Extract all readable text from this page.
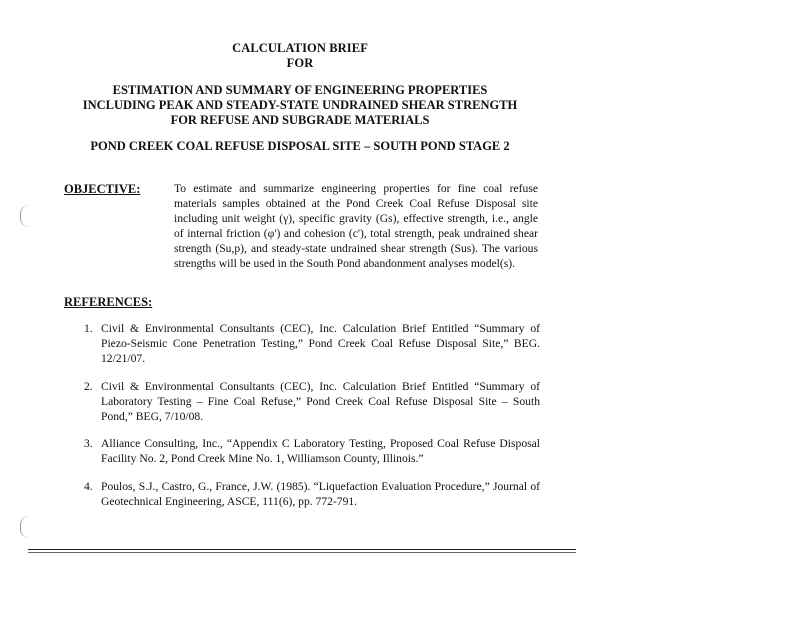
CALCULATION BRIEF
FOR
ESTIMATION AND SUMMARY OF ENGINEERING PROPERTIES
INCLUDING PEAK AND STEADY-STATE UNDRAINED SHEAR STRENGTH
FOR REFUSE AND SUBGRADE MATERIALS
POND CREEK COAL REFUSE DISPOSAL SITE – SOUTH POND STAGE 2
OBJECTIVE:	To estimate and summarize engineering properties for fine coal refuse materials samples obtained at the Pond Creek Coal Refuse Disposal site including unit weight (γ), specific gravity (Gs), effective strength, i.e., angle of internal friction (φ') and cohesion (c'), total strength, peak undrained shear strength (Su,p), and steady-state undrained shear strength (Sus). The various strengths will be used in the South Pond abandonment analyses model(s).
REFERENCES:
1. Civil & Environmental Consultants (CEC), Inc. Calculation Brief Entitled “Summary of Piezo-Seismic Cone Penetration Testing,” Pond Creek Coal Refuse Disposal Site,” BEG. 12/21/07.
2. Civil & Environmental Consultants (CEC), Inc. Calculation Brief Entitled “Summary of Laboratory Testing – Fine Coal Refuse,” Pond Creek Coal Refuse Disposal Site – South Pond,” BEG, 7/10/08.
3. Alliance Consulting, Inc., “Appendix C Laboratory Testing, Proposed Coal Refuse Disposal Facility No. 2, Pond Creek Mine No. 1, Williamson County, Illinois.”
4. Poulos, S.J., Castro, G., France, J.W. (1985). “Liquefaction Evaluation Procedure,” Journal of Geotechnical Engineering, ASCE, 111(6), pp. 772-791.
